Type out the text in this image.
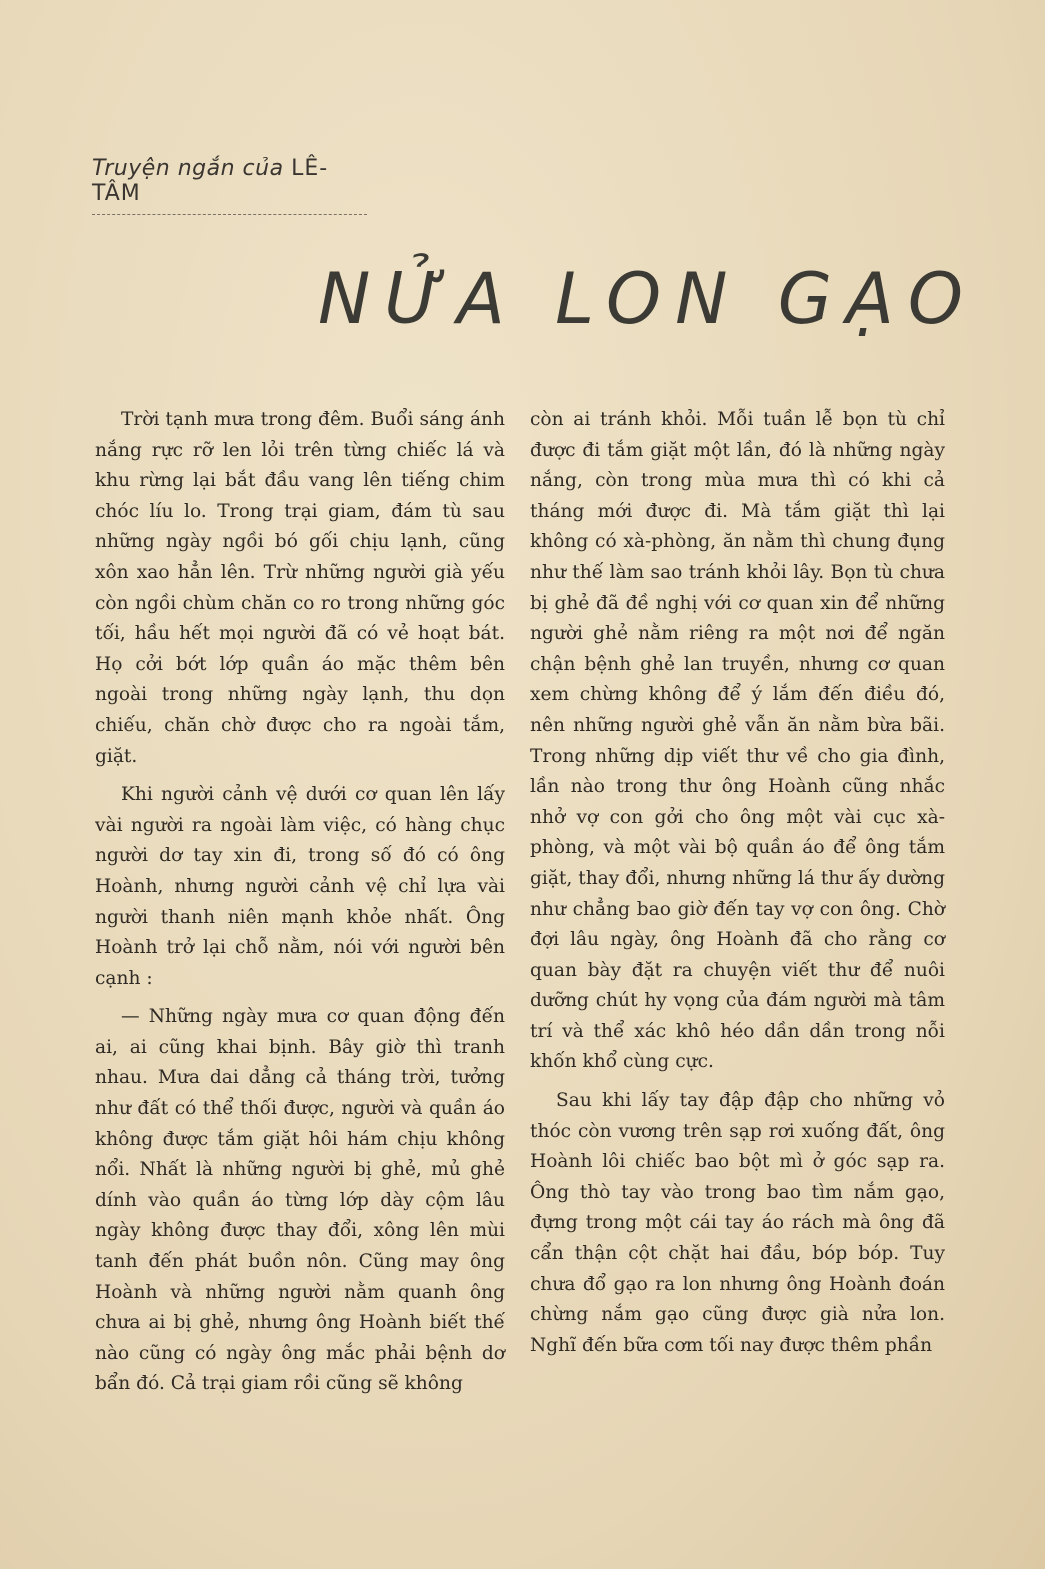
Truyện ngắn của LÊ-TÂM
NỬA LON GẠO

Trời tạnh mưa trong đêm. Buổi sáng ánh nắng rực rỡ len lỏi trên từng chiếc lá và khu rừng lại bắt đầu vang lên tiếng chim chóc líu lo. Trong trại giam, đám tù sau những ngày ngồi bó gối chịu lạnh, cũng xôn xao hẳn lên. Trừ những người già yếu còn ngồi chùm chăn co ro trong những góc tối, hầu hết mọi người đã có vẻ hoạt bát. Họ cởi bớt lớp quần áo mặc thêm bên ngoài trong những ngày lạnh, thu dọn chiếu, chăn chờ được cho ra ngoài tắm, giặt.

Khi người cảnh vệ dưới cơ quan lên lấy vài người ra ngoài làm việc, có hàng chục người dơ tay xin đi, trong số đó có ông Hoành, nhưng người cảnh vệ chỉ lựa vài người thanh niên mạnh khỏe nhất. Ông Hoành trở lại chỗ nằm, nói với người bên cạnh :

— Những ngày mưa cơ quan động đến ai, ai cũng khai bịnh. Bây giờ thì tranh nhau. Mưa dai dẳng cả tháng trời, tưởng như đất có thể thối được, người và quần áo không được tắm giặt hôi hám chịu không nổi. Nhất là những người bị ghẻ, mủ ghẻ dính vào quần áo từng lớp dày cộm lâu ngày không được thay đổi, xông lên mùi tanh đến phát buồn nôn. Cũng may ông Hoành và những người nằm quanh ông chưa ai bị ghẻ, nhưng ông Hoành biết thế nào cũng có ngày ông mắc phải bệnh dơ bẩn đó. Cả trại giam rồi cũng sẽ không

còn ai tránh khỏi. Mỗi tuần lễ bọn tù chỉ được đi tắm giặt một lần, đó là những ngày nắng, còn trong mùa mưa thì có khi cả tháng mới được đi. Mà tắm giặt thì lại không có xà-phòng, ăn nằm thì chung đụng như thế làm sao tránh khỏi lây. Bọn tù chưa bị ghẻ đã đề nghị với cơ quan xin để những người ghẻ nằm riêng ra một nơi để ngăn chận bệnh ghẻ lan truyền, nhưng cơ quan xem chừng không để ý lắm đến điều đó, nên những người ghẻ vẫn ăn nằm bừa bãi. Trong những dịp viết thư về cho gia đình, lần nào trong thư ông Hoành cũng nhắc nhở vợ con gởi cho ông một vài cục xà-phòng, và một vài bộ quần áo để ông tắm giặt, thay đổi, nhưng những lá thư ấy dường như chẳng bao giờ đến tay vợ con ông. Chờ đợi lâu ngày, ông Hoành đã cho rằng cơ quan bày đặt ra chuyện viết thư để nuôi dưỡng chút hy vọng của đám người mà tâm trí và thể xác khô héo dần dần trong nỗi khốn khổ cùng cực.

Sau khi lấy tay đập đập cho những vỏ thóc còn vương trên sạp rơi xuống đất, ông Hoành lôi chiếc bao bột mì ở góc sạp ra. Ông thò tay vào trong bao tìm nắm gạo, đựng trong một cái tay áo rách mà ông đã cẩn thận cột chặt hai đầu, bóp bóp. Tuy chưa đổ gạo ra lon nhưng ông Hoành đoán chừng nắm gạo cũng được già nửa lon. Nghĩ đến bữa cơm tối nay được thêm phần
